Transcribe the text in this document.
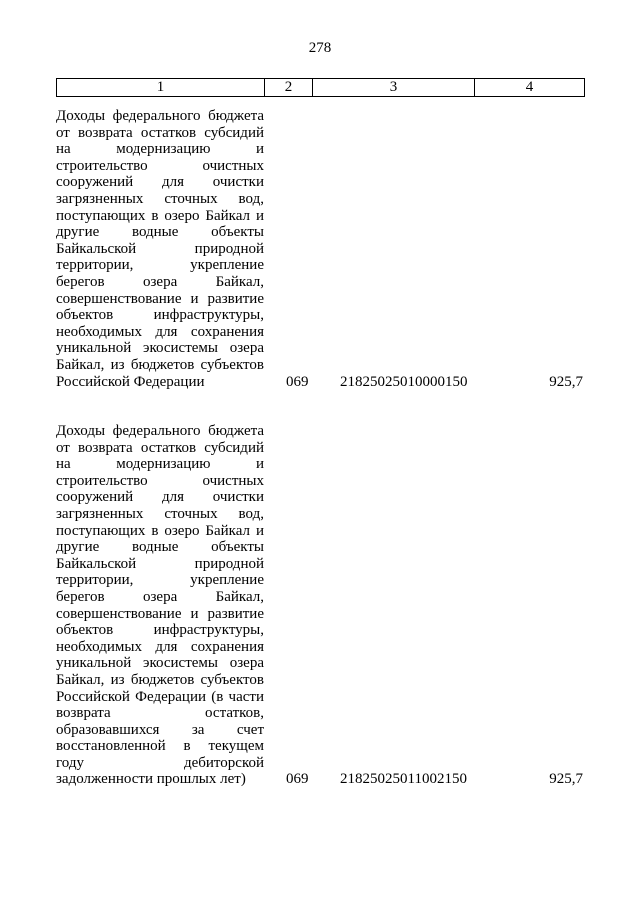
278
1	2	3	4
Доходы федерального бюджета
от возврата остатков субсидий
на модернизацию и
строительство очистных
сооружений для очистки
загрязненных сточных вод,
поступающих в озеро Байкал и
другие водные объекты
Байкальской природной
территории, укрепление
берегов озера Байкал,
совершенствование и развитие
объектов инфраструктуры,
необходимых для сохранения
уникальной экосистемы озера
Байкал, из бюджетов субъектов
Российской Федерации	069 21825025010000150	925,7
Доходы федерального бюджета
от возврата остатков субсидий
на модернизацию и
строительство очистных
сооружений для очистки
загрязненных сточных вод,
поступающих в озеро Байкал и
другие водные объекты
Байкальской природной
территории, укрепление
берегов озера Байкал,
совершенствование и развитие
объектов инфраструктуры,
необходимых для сохранения
уникальной экосистемы озера
Байкал, из бюджетов субъектов
Российской Федерации (в части
возврата остатков,
образовавшихся за счет
восстановленной в текущем
году дебиторской
задолженности прошлых лет)	069 21825025011002150	925,7
